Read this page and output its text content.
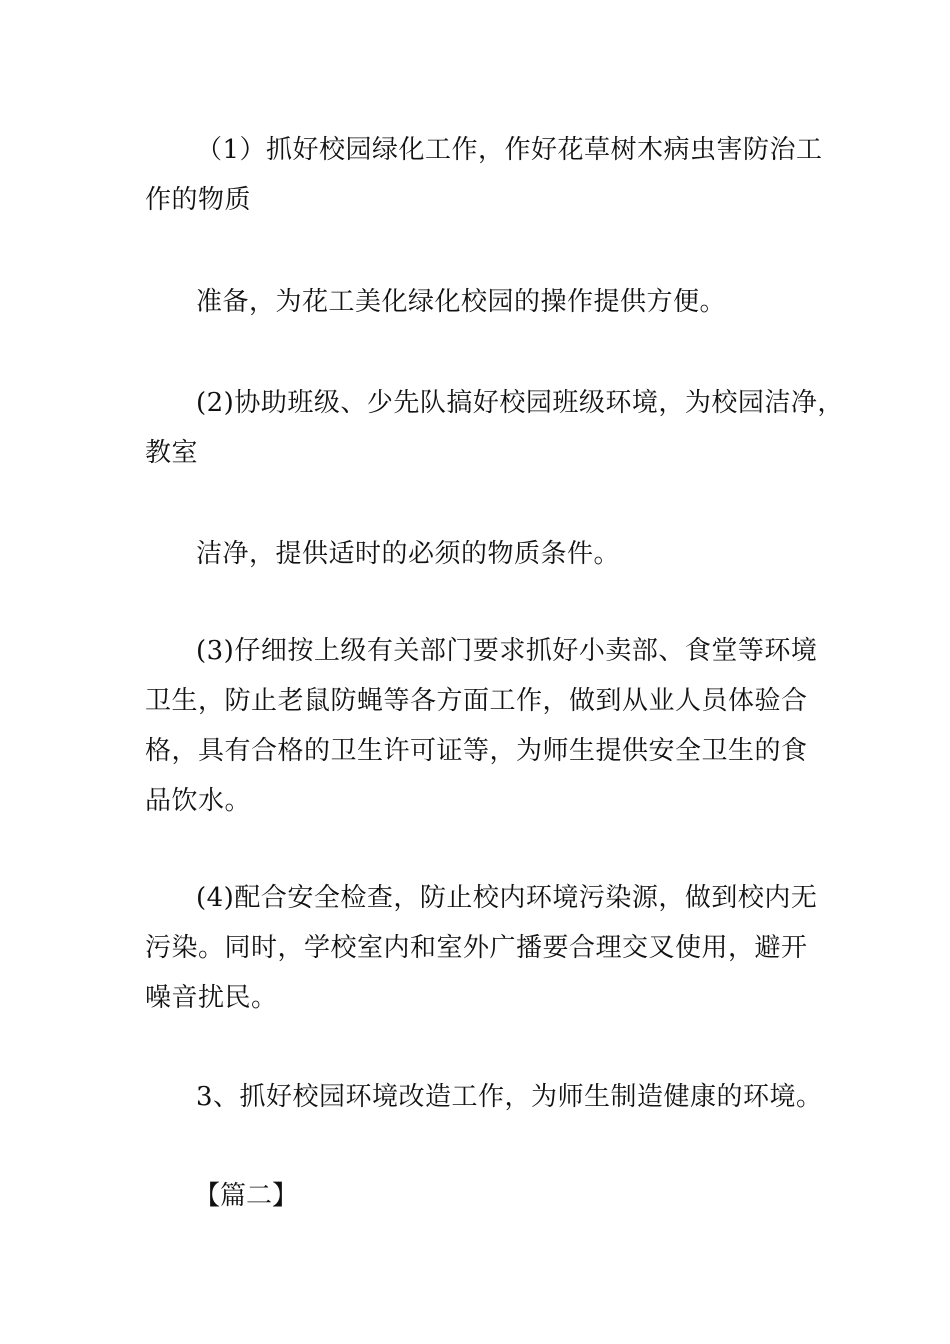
（1）抓好校园绿化工作，作好花草树木病虫害防治工
作的物质
准备，为花工美化绿化校园的操作提供方便。
(2)协助班级、少先队搞好校园班级环境，为校园洁净，
教室
洁净，提供适时的必须的物质条件。
(3)仔细按上级有关部门要求抓好小卖部、食堂等环境
卫生，防止老鼠防蝇等各方面工作，做到从业人员体验合
格，具有合格的卫生许可证等，为师生提供安全卫生的食
品饮水。
(4)配合安全检查，防止校内环境污染源，做到校内无
污染。同时，学校室内和室外广播要合理交叉使用，避开
噪音扰民。
3、抓好校园环境改造工作，为师生制造健康的环境。
【篇二】
